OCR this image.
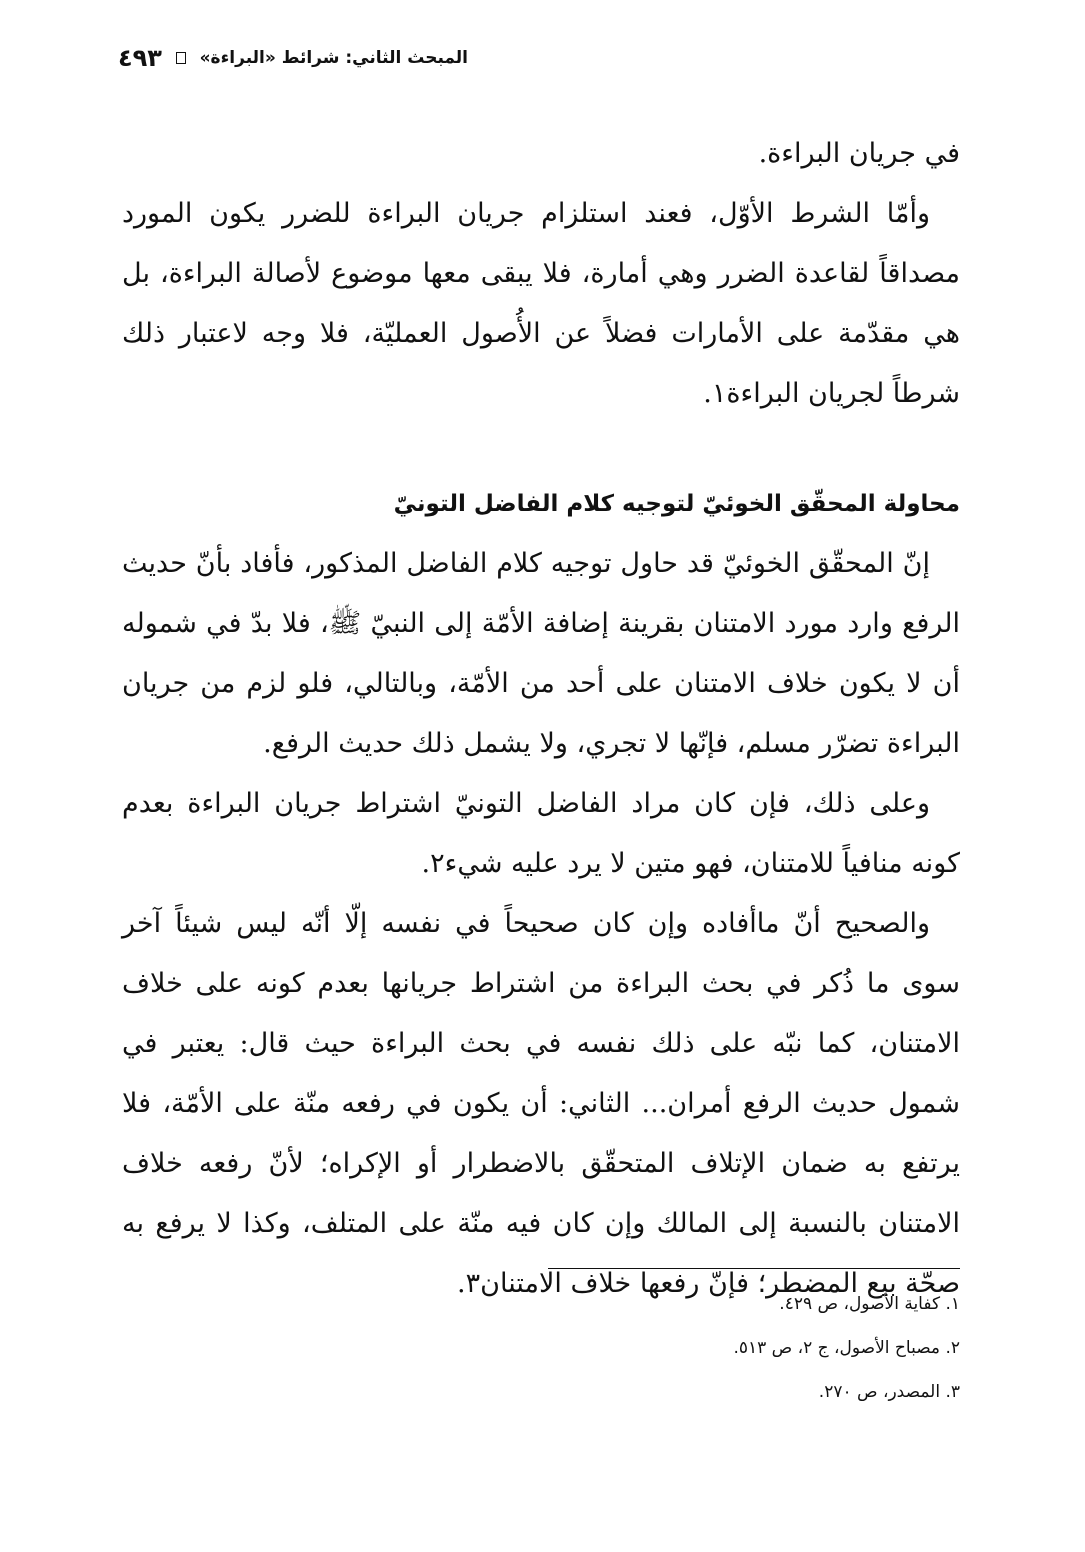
المبحث الثاني: شرائط «البراءة»
٤٩٣

في جريان البراءة.

وأمّا الشرط الأوّل، فعند استلزام جريان البراءة للضرر يكون المورد مصداقاً لقاعدة الضرر وهي أمارة، فلا يبقى معها موضوع لأصالة البراءة، بل هي مقدّمة على الأمارات فضلاً عن الأُصول العمليّة، فلا وجه لاعتبار ذلك شرطاً لجريان البراءة١.

محاولة المحقّق الخوئيّ لتوجيه كلام الفاضل التونيّ

إنّ المحقّق الخوئيّ قد حاول توجيه كلام الفاضل المذكور، فأفاد بأنّ حديث الرفع وارد مورد الامتنان بقرينة إضافة الأمّة إلى النبيّ ﷺ، فلا بدّ في شموله أن لا يكون خلاف الامتنان على أحد من الأمّة، وبالتالي، فلو لزم من جريان البراءة تضرّر مسلم، فإنّها لا تجري، ولا يشمل ذلك حديث الرفع.

وعلى ذلك، فإن كان مراد الفاضل التونيّ اشتراط جريان البراءة بعدم كونه منافياً للامتنان، فهو متين لا يرد عليه شيء٢.

والصحيح أنّ ماأفاده وإن كان صحيحاً في نفسه إلّا أنّه ليس شيئاً آخر سوى ما ذُكر في بحث البراءة من اشتراط جريانها بعدم كونه على خلاف الامتنان، كما نبّه على ذلك نفسه في بحث البراءة حيث قال: يعتبر في شمول حديث الرفع أمران... الثاني: أن يكون في رفعه منّة على الأمّة، فلا يرتفع به ضمان الإتلاف المتحقّق بالاضطرار أو الإكراه؛ لأنّ رفعه خلاف الامتنان بالنسبة إلى المالك وإن كان فيه منّة على المتلف، وكذا لا يرفع به صحّة بيع المضطر؛ فإنّ رفعها خلاف الامتنان٣.

١. كفاية الأصول، ص ٤٢٩.
٢. مصباح الأصول، ج ٢، ص ٥١٣.
٣. المصدر، ص ٢٧٠.
